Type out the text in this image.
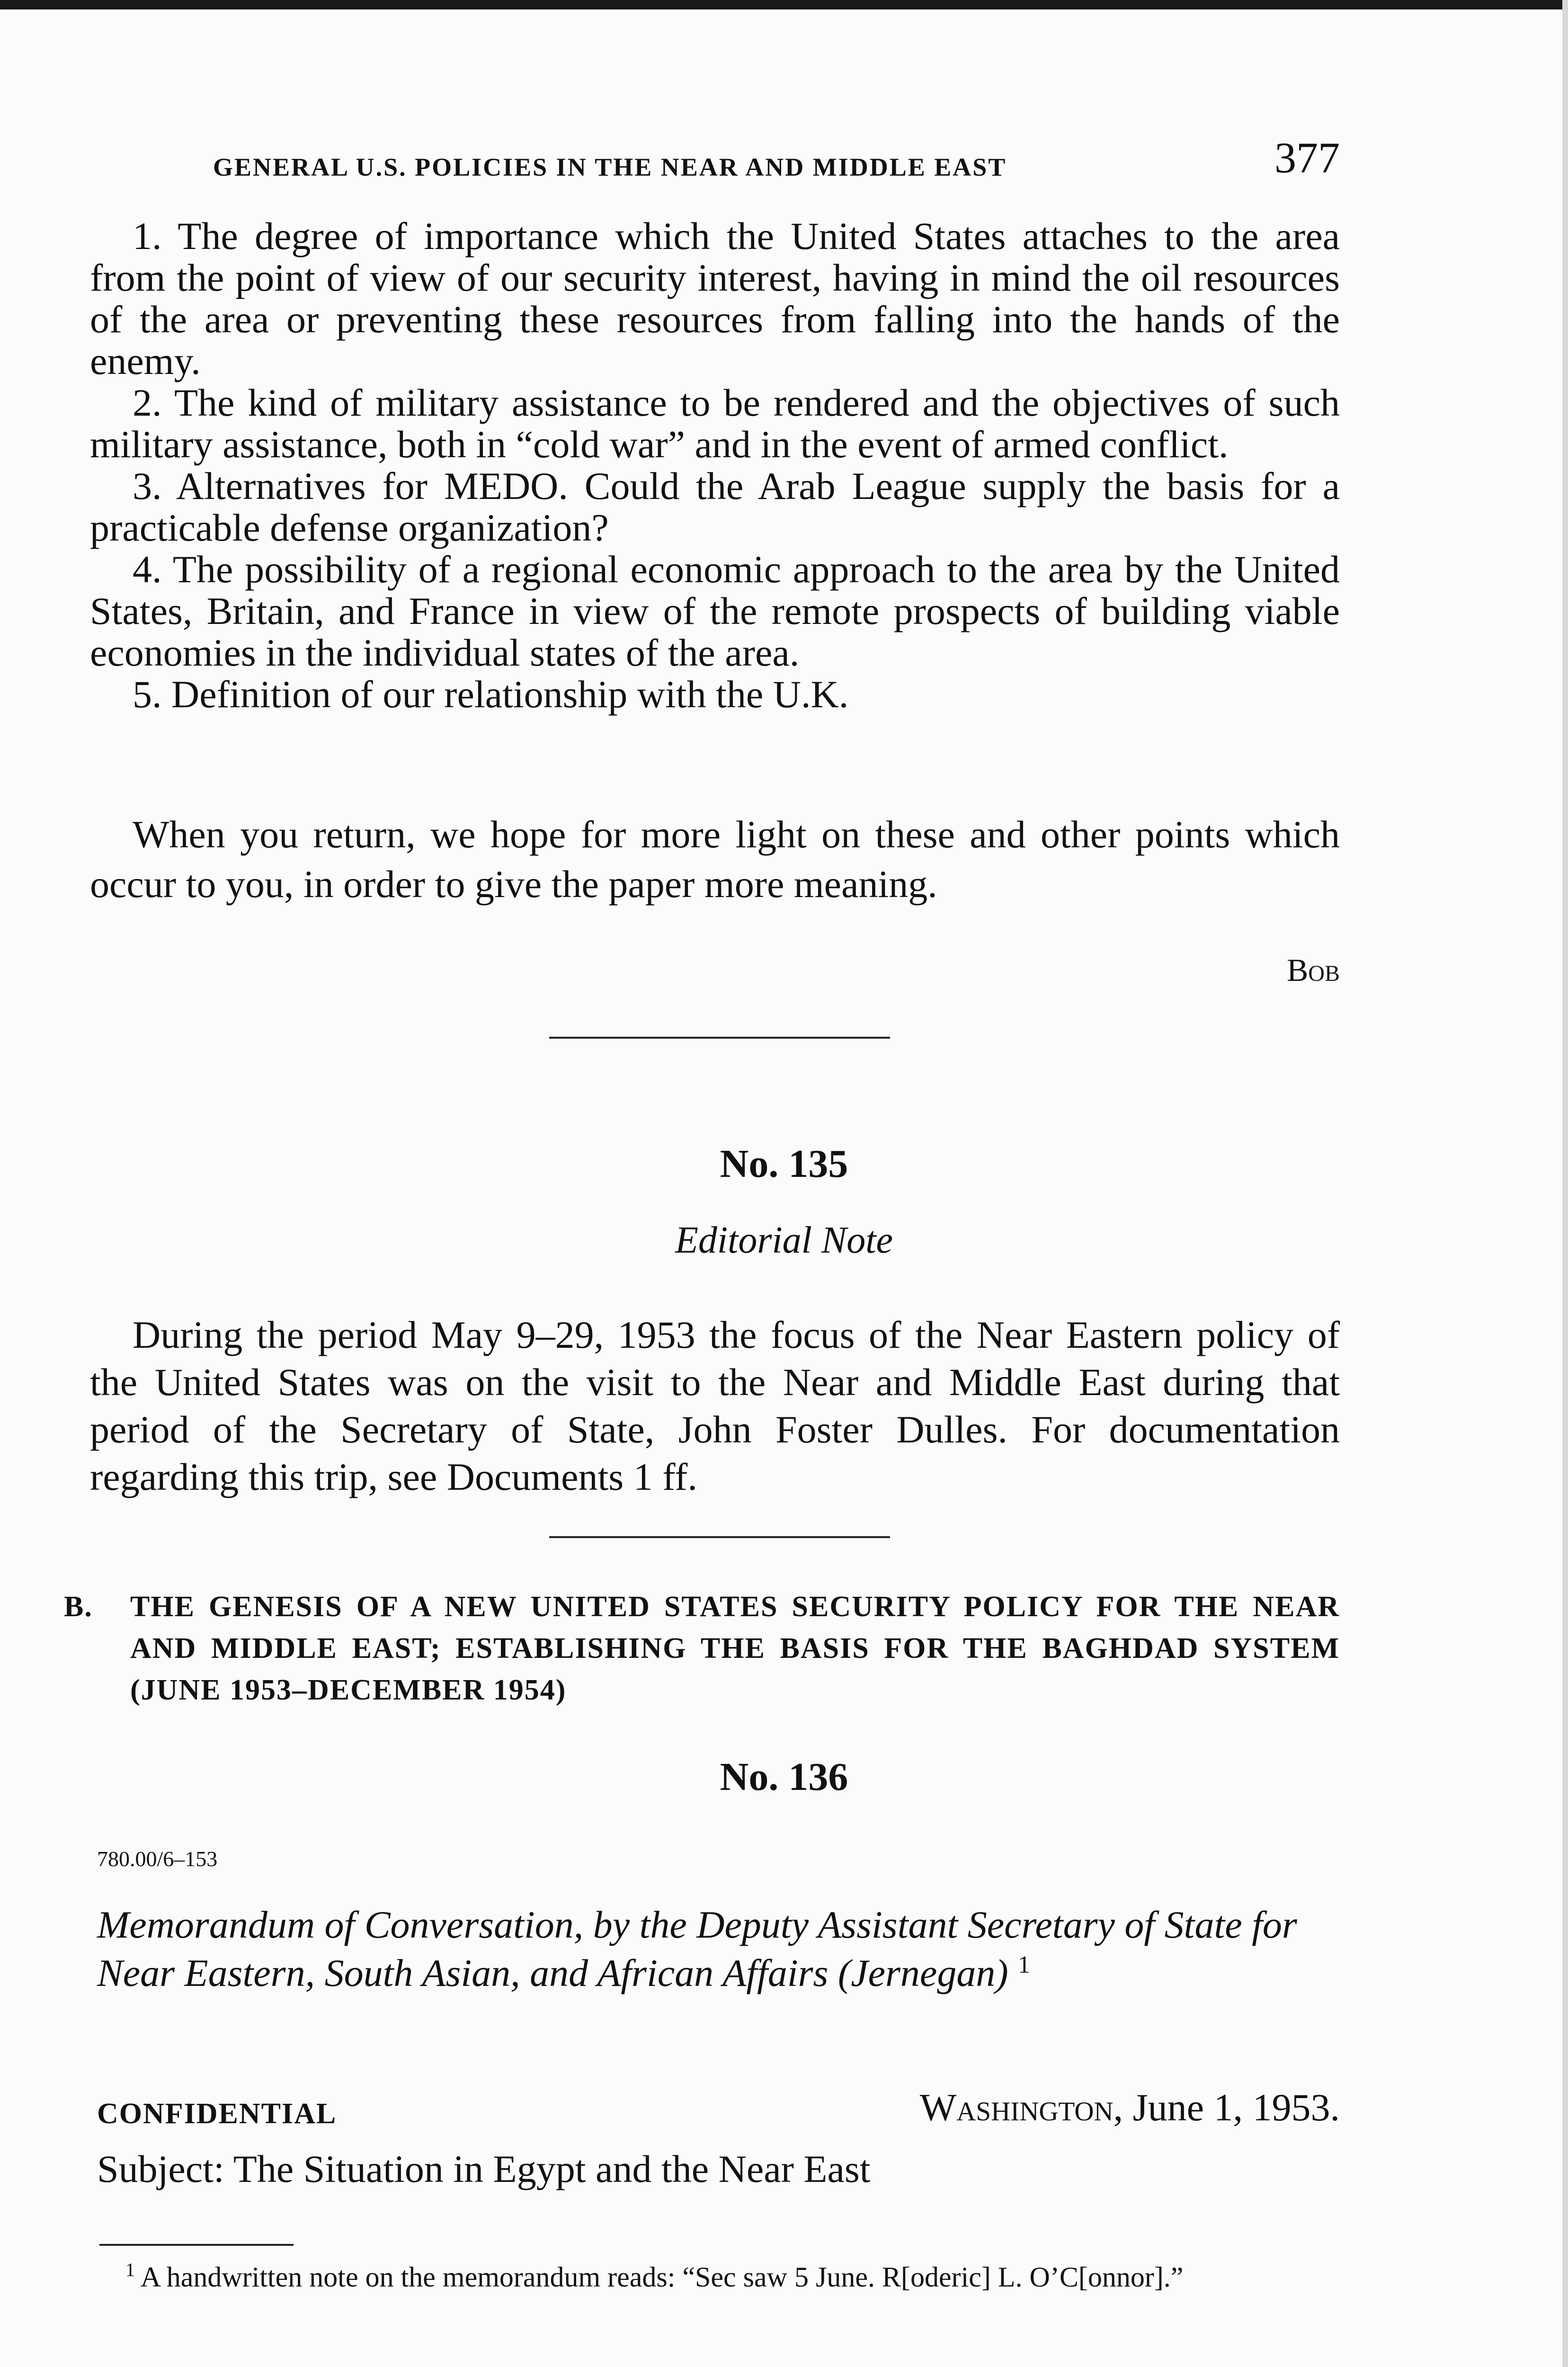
GENERAL U.S. POLICIES IN THE NEAR AND MIDDLE EAST	377

1. The degree of importance which the United States attaches to the area from the point of view of our security interest, having in mind the oil resources of the area or preventing these resources from falling into the hands of the enemy.

2. The kind of military assistance to be rendered and the objectives of such military assistance, both in “cold war” and in the event of armed conflict.

3. Alternatives for MEDO. Could the Arab League supply the basis for a practicable defense organization?

4. The possibility of a regional economic approach to the area by the United States, Britain, and France in view of the remote prospects of building viable economies in the individual states of the area.

5. Definition of our relationship with the U.K.

When you return, we hope for more light on these and other points which occur to you, in order to give the paper more meaning.

Bob
No. 135
Editorial Note

During the period May 9–29, 1953 the focus of the Near Eastern policy of the United States was on the visit to the Near and Middle East during that period of the Secretary of State, John Foster Dulles. For documentation regarding this trip, see Documents 1 ff.

B. THE GENESIS OF A NEW UNITED STATES SECURITY POLICY FOR THE NEAR AND MIDDLE EAST; ESTABLISHING THE BASIS FOR THE BAGHDAD SYSTEM (JUNE 1953–DECEMBER 1954)
No. 136
780.00/6–153
Memorandum of Conversation, by the Deputy Assistant Secretary of State for Near Eastern, South Asian, and African Affairs (Jernegan) $^1$
CONFIDENTIAL	Washington, June 1, 1953.
Subject: The Situation in Egypt and the Near East
$^1$ A handwritten note on the memorandum reads: “Sec saw 5 June. R[oderic] L. O’C[onnor].”
